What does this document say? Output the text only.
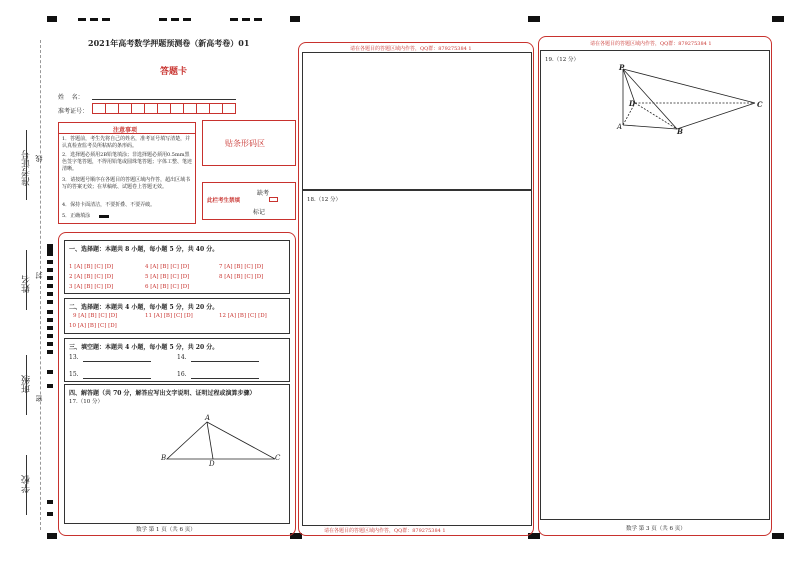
准考证号
姓名
班级
学校
线
封
密
2021年高考数学押题预测卷（新高考卷）01
答题卡
姓    名：
准考证号：
注意事项
1．答题前，考生先将自己的姓名，准考证号填写清楚，并认真检查监考员所粘贴的条形码。
2．选择题必须用2B铅笔填涂；非选择题必须用0.5mm黑色签字笔答题，不得用铅笔或圆珠笔答题；字体工整、笔迹清晰。
3．请按题号顺序在各题目的答题区域内作答，超出区域书写的答案无效；在草稿纸、试题卷上答题无效。
4．保持卡面清洁，不要折叠、不要弄破。
5．正确填涂
贴条形码区
缺考
此栏考生禁填
标记
一、选择题：本题共 8 小题，每小题 5 分，共 40 分。
1 [A] [B] [C] [D]	4 [A] [B] [C] [D]	7 [A] [B] [C] [D]
2 [A] [B] [C] [D]	5 [A] [B] [C] [D]	8 [A] [B] [C] [D]
3 [A] [B] [C] [D]	6 [A] [B] [C] [D]
二、选择题：本题共 4 小题，每小题 5 分，共 20 分。
9 [A] [B] [C] [D]	11 [A] [B] [C] [D]	12 [A] [B] [C] [D]
10 [A] [B] [C] [D]
三、填空题：本题共 4 小题，每小题 5 分，共 20 分。
13.	14.
15.	16.
四、解答题（共 70 分，解答应写出文字说明、证明过程或演算步骤）
17.（10 分）
A
B	C
D
数学 第 1 页（共 6 页）
请在各题目的答题区域内作答，QQ群：879275384 1
18.（12 分）
请在各题目的答题区域内作答，QQ群：879275384 1
请在各题目的答题区域内作答，QQ群：879275384 1
19.（12 分）
P
D
A	B
C
数学 第 3 页（共 6 页）
